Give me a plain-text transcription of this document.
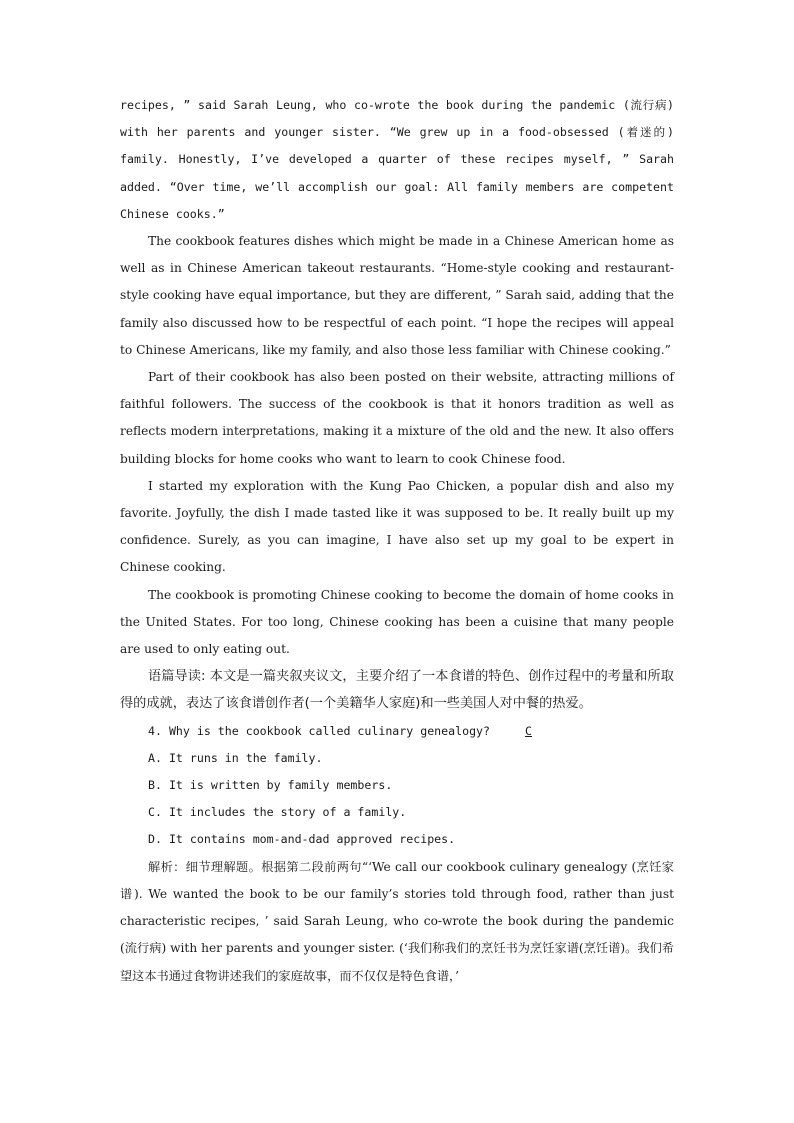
recipes, ” said Sarah Leung, who co-wrote the book during the pandemic (流行病) with her parents and younger sister. “We grew up in a food-obsessed (着迷的) family. Honestly, I’ve developed a quarter of these recipes myself, ” Sarah added. “Over time, we’ll accomplish our goal: All family members are competent Chinese cooks.”

The cookbook features dishes which might be made in a Chinese American home as well as in Chinese American takeout restaurants. “Home-style cooking and restaurant-style cooking have equal importance, but they are different, ” Sarah said, adding that the family also discussed how to be respectful of each point. “I hope the recipes will appeal to Chinese Americans, like my family, and also those less familiar with Chinese cooking.”

Part of their cookbook has also been posted on their website, attracting millions of faithful followers. The success of the cookbook is that it honors tradition as well as reflects modern interpretations, making it a mixture of the old and the new. It also offers building blocks for home cooks who want to learn to cook Chinese food.

I started my exploration with the Kung Pao Chicken, a popular dish and also my favorite. Joyfully, the dish I made tasted like it was supposed to be. It really built up my confidence. Surely, as you can imagine, I have also set up my goal to be expert in Chinese cooking.

The cookbook is promoting Chinese cooking to become the domain of home cooks in the United States. For too long, Chinese cooking has been a cuisine that many people are used to only eating out.

语篇导读: 本文是一篇夹叙夹议文，主要介绍了一本食谱的特色、创作过程中的考量和所取得的成就，表达了该食谱创作者(一个美籍华人家庭)和一些美国人对中餐的热爱。

4. Why is the cookbook called culinary genealogy?	C

A. It runs in the family.

B. It is written by family members.

C. It includes the story of a family.

D. It contains mom-and-dad approved recipes.

解析：细节理解题。根据第二段前两句“‘We call our cookbook culinary genealogy (烹饪家谱). We wanted the book to be our family’s stories told through food, rather than just characteristic recipes, ’ said Sarah Leung, who co-wrote the book during the pandemic (流行病) with her parents and younger sister. (‘我们称我们的烹饪书为烹饪家谱(烹饪谱)。我们希望这本书通过食物讲述我们的家庭故事，而不仅仅是特色食谱，’
